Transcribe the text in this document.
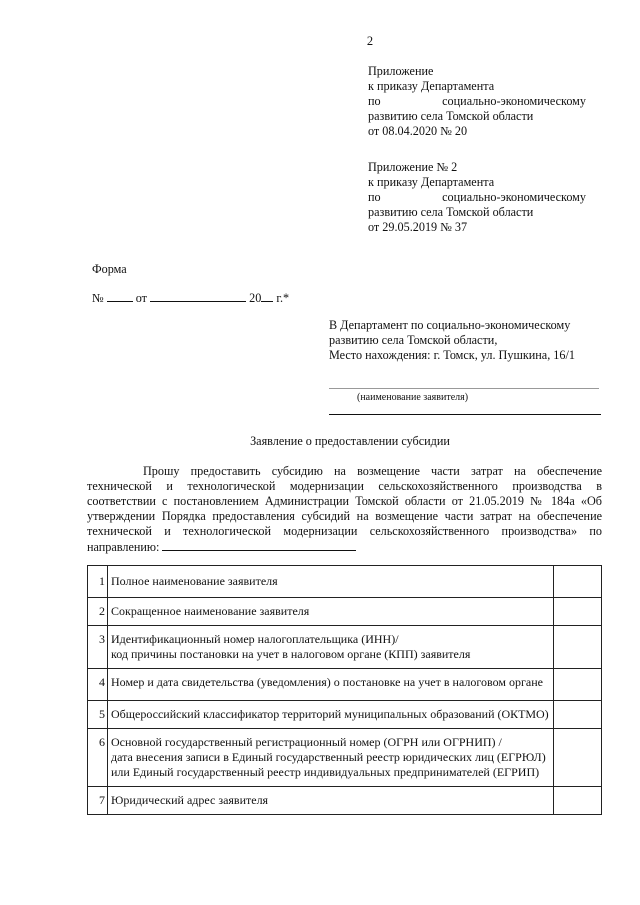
2
Приложение
к приказу Департамента
по	социально-экономическому
развитию села Томской области
от 08.04.2020 № 20
Приложение № 2
к приказу Департамента
по	социально-экономическому
развитию села Томской области
от 29.05.2019 № 37
Форма
№	от	20 г.*
В Департамент по социально-экономическому
развитию села Томской области,
Место нахождения: г. Томск, ул. Пушкина, 16/1
(наименование заявителя)
Заявление о предоставлении субсидии

Прошу предоставить субсидию на возмещение части затрат на обеспечение технической и технологической модернизации сельскохозяйственного производства в соответствии с постановлением Администрации Томской области от 21.05.2019 № 184а «Об утверждении Порядка предоставления субсидий на возмещение части затрат на обеспечение технической и технологической модернизации сельскохозяйственного производства» по направлению:

1	Полное наименование заявителя	
2	Сокращенное наименование заявителя	
3	Идентификационный номер налогоплательщика (ИНН)/
код причины постановки на учет в налоговом органе (КПП) заявителя	
4	Номер и дата свидетельства (уведомления) о постановке на учет в налоговом органе	
5	Общероссийский классификатор территорий муниципальных образований (ОКТМО)	
6	Основной государственный регистрационный номер (ОГРН или ОГРНИП) /
дата внесения записи в Единый государственный реестр юридических лиц (ЕГРЮЛ) или Единый государственный реестр индивидуальных предпринимателей (ЕГРИП)	
7	Юридический адрес заявителя	
